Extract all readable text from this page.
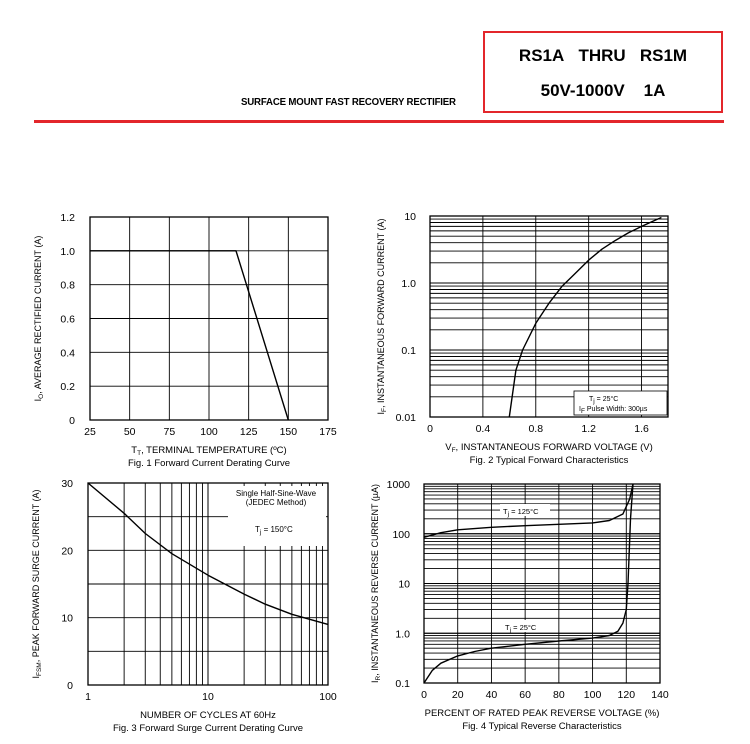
RS1A THRU RS1M
50V-1000V 1A
SURFACE MOUNT FAST RECOVERY RECTIFIER
25	50	75 100 125 150 175
0
0.2
0.4
0.6
0.8
1.0
1.2
$T_T$, TERMINAL TEMPERATURE (ºC)
Fig. 1 Forward Current Derating Curve
$I_O$, AVERAGE RECTIFIED CURRENT (A)
0	0.4	0.8	1.2	1.6
0.01
0.1
1.0
10
$V_F$, INSTANTANEOUS FORWARD VOLTAGE (V)
Fig. 2 Typical Forward Characteristics
$I_F$, INSTANTANEOUS FORWARD CURRENT (A)	Tj = 25°C
IF Pulse Width: 300µs
1	10	100
0
10
20
30
NUMBER OF CYCLES AT 60Hz
Fig. 3 Forward Surge Current Derating Curve
$I_{FSM}$, PEAK FORWARD SURGE CURRENT (A)	Single Half-Sine-Wave
(JEDEC Method)
$T_j = 150^\circ C$
0 20 40 60 80 100 120 140
0.1
1.0
10
100
1000
PERCENT OF RATED PEAK REVERSE VOLTAGE (%)
Fig. 4 Typical Reverse Characteristics
$I_R$, INSTANTANEOUS REVERSE CURRENT (µA)	Tj = 125°C
Tj = 25°C
